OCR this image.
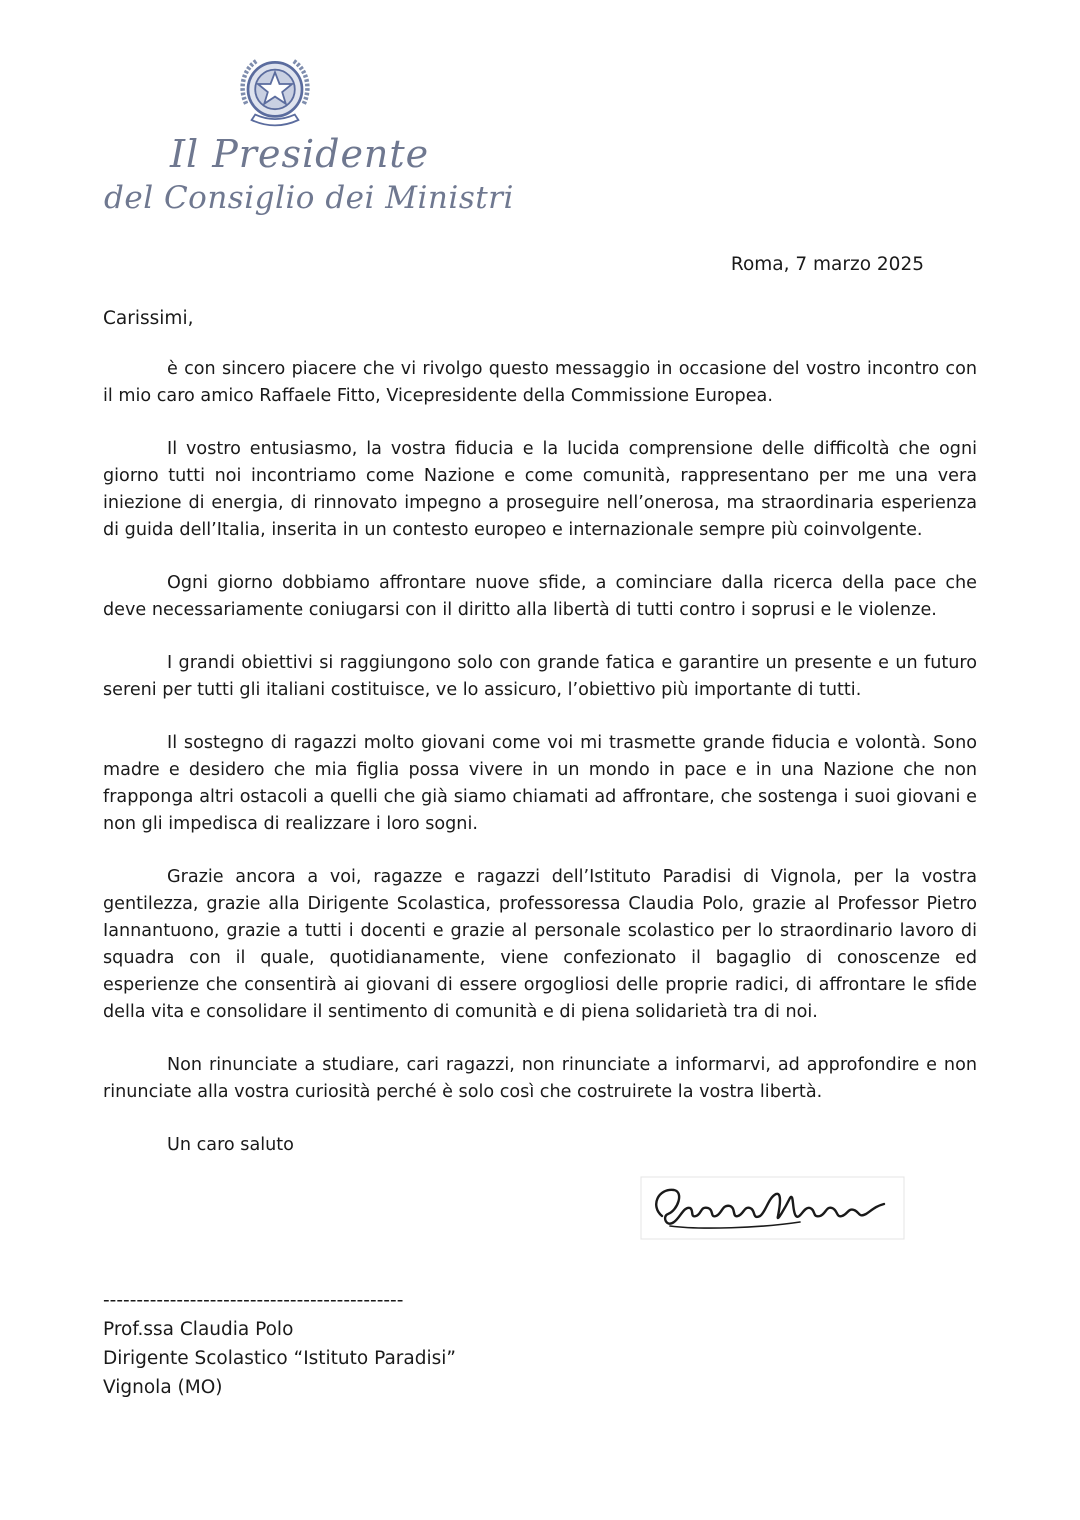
Il Presidente
del Consiglio dei Ministri
Roma, 7 marzo 2025
Carissimi,

è con sincero piacere che vi rivolgo questo messaggio in occasione del vostro incontro con il mio caro amico Raffaele Fitto, Vicepresidente della Commissione Europea.

Il vostro entusiasmo, la vostra fiducia e la lucida comprensione delle difficoltà che ogni giorno tutti noi incontriamo come Nazione e come comunità, rappresentano per me una vera iniezione di energia, di rinnovato impegno a proseguire nell’onerosa, ma straordinaria esperienza di guida dell’Italia, inserita in un contesto europeo e internazionale sempre più coinvolgente.

Ogni giorno dobbiamo affrontare nuove sfide, a cominciare dalla ricerca della pace che deve necessariamente coniugarsi con il diritto alla libertà di tutti contro i soprusi e le violenze.

I grandi obiettivi si raggiungono solo con grande fatica e garantire un presente e un futuro sereni per tutti gli italiani costituisce, ve lo assicuro, l’obiettivo più importante di tutti.

Il sostegno di ragazzi molto giovani come voi mi trasmette grande fiducia e volontà. Sono madre e desidero che mia figlia possa vivere in un mondo in pace e in una Nazione che non frapponga altri ostacoli a quelli che già siamo chiamati ad affrontare, che sostenga i suoi giovani e non gli impedisca di realizzare i loro sogni.

Grazie ancora a voi, ragazze e ragazzi dell’Istituto Paradisi di Vignola, per la vostra gentilezza, grazie alla Dirigente Scolastica, professoressa Claudia Polo, grazie al Professor Pietro Iannantuono, grazie a tutti i docenti e grazie al personale scolastico per lo straordinario lavoro di squadra con il quale, quotidianamente, viene confezionato il bagaglio di conoscenze ed esperienze che consentirà ai giovani di essere orgogliosi delle proprie radici, di affrontare le sfide della vita e consolidare il sentimento di comunità e di piena solidarietà tra di noi.

Non rinunciate a studiare, cari ragazzi, non rinunciate a informarvi, ad approfondire e non rinunciate alla vostra curiosità perché è solo così che costruirete la vostra libertà.

Un caro saluto

---------------------------------------------
Prof.ssa Claudia Polo
Dirigente Scolastico “Istituto Paradisi”
Vignola (MO)
